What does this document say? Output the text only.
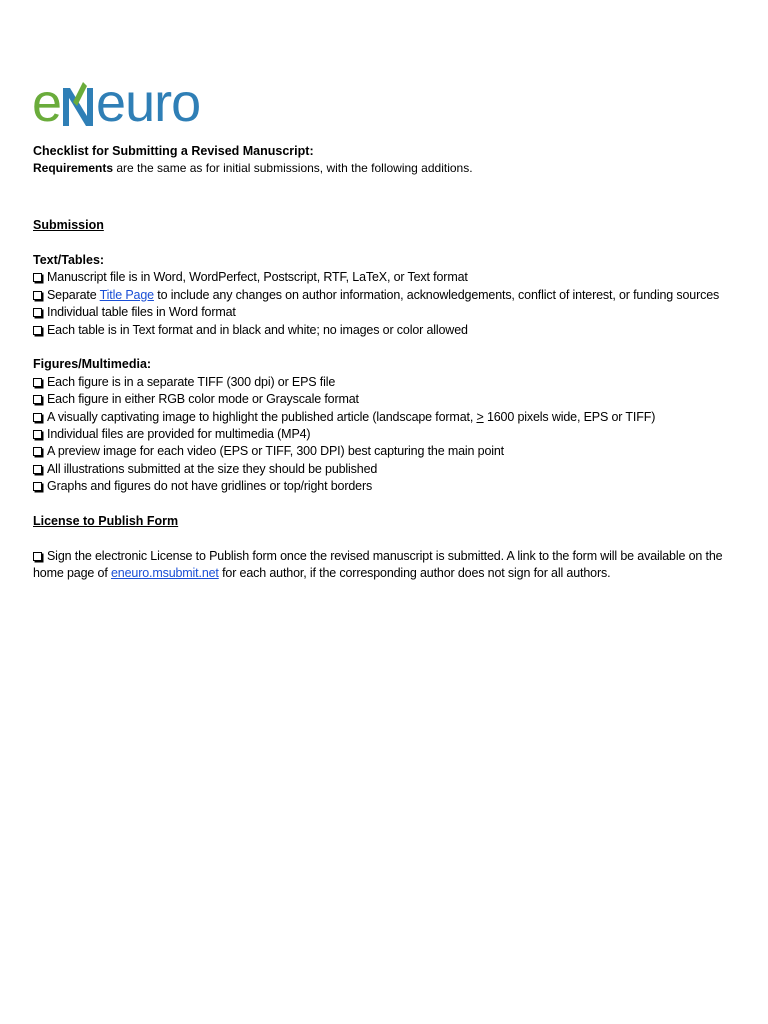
e euro
Checklist for Submitting a Revised Manuscript:
Requirements are the same as for initial submissions, with the following additions.
Submission
Text/Tables:
Manuscript file is in Word, WordPerfect, Postscript, RTF, LaTeX, or Text format
Separate Title Page to include any changes on author information, acknowledgements, conflict of interest, or funding sources
Individual table files in Word format
Each table is in Text format and in black and white; no images or color allowed
Figures/Multimedia:
Each figure is in a separate TIFF (300 dpi) or EPS file
Each figure in either RGB color mode or Grayscale format
A visually captivating image to highlight the published article (landscape format, > 1600 pixels wide, EPS or TIFF)
Individual files are provided for multimedia (MP4)
A preview image for each video (EPS or TIFF, 300 DPI) best capturing the main point
All illustrations submitted at the size they should be published
Graphs and figures do not have gridlines or top/right borders
License to Publish Form
Sign the electronic License to Publish form once the revised manuscript is submitted. A link to the form will be available on the home page of eneuro.msubmit.net for each author, if the corresponding author does not sign for all authors.
